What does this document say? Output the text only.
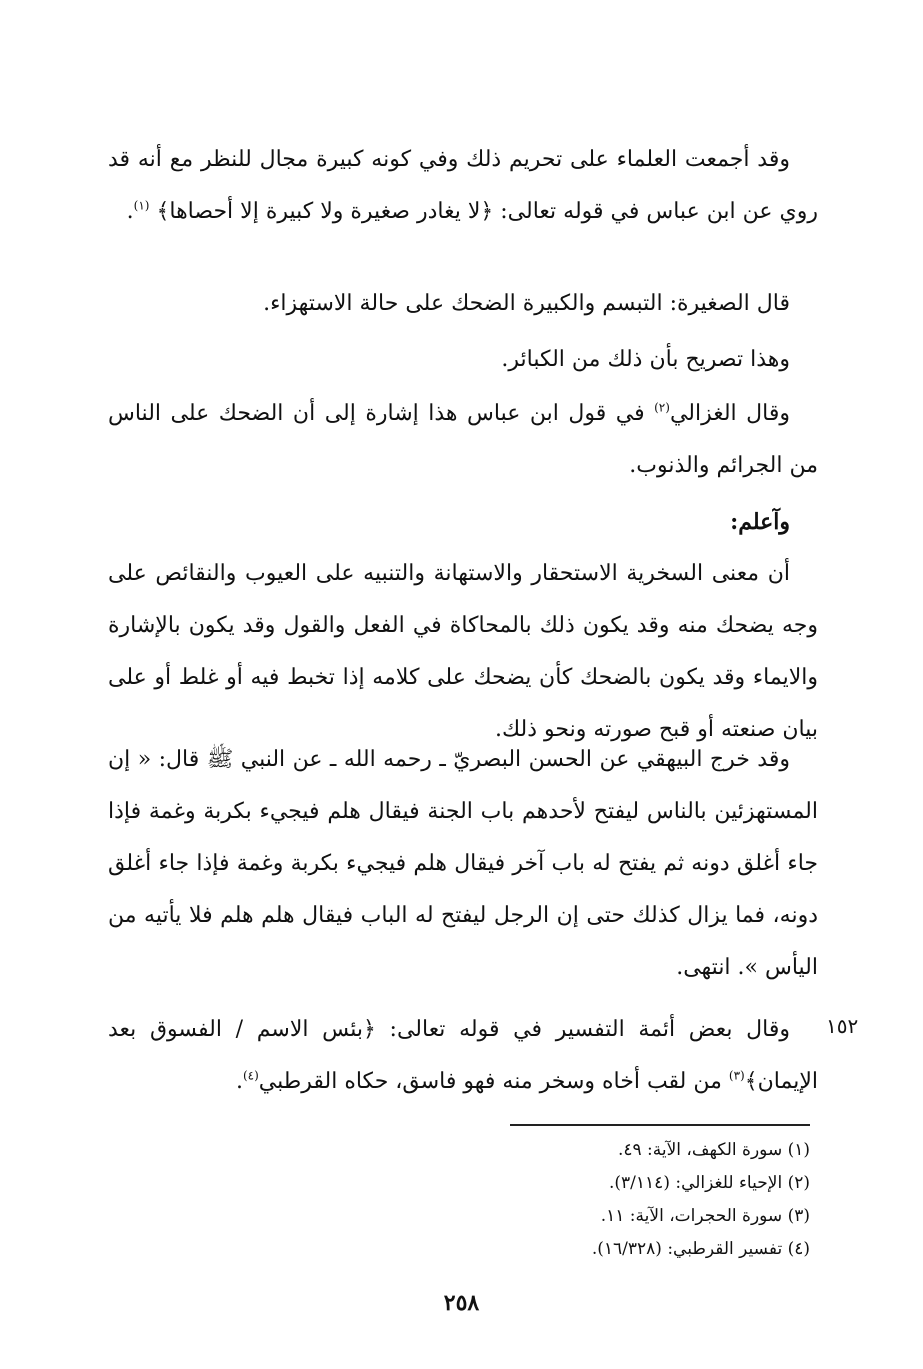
وقد أجمعت العلماء على تحريم ذلك وفي كونه كبيرة مجال للنظر مع أنه قد روي عن ابن عباس في قوله تعالى: ﴿لا يغادر صغيرة ولا كبيرة إلا أحصاها﴾ $^{(١)}$.
قال الصغيرة: التبسم والكبيرة الضحك على حالة الاستهزاء.
وهذا تصريح بأن ذلك من الكبائر.
وقال الغزالي$^{(٢)}$ في قول ابن عباس هذا إشارة إلى أن الضحك على الناس من الجرائم والذنوب.
وآعلم:
أن معنى السخرية الاستحقار والاستهانة والتنبيه على العيوب والنقائص على وجه يضحك منه وقد يكون ذلك بالمحاكاة في الفعل والقول وقد يكون بالإشارة والايماء وقد يكون بالضحك كأن يضحك على كلامه إذا تخبط فيه أو غلط أو على بيان صنعته أو قبح صورته ونحو ذلك.
وقد خرج البيهقي عن الحسن البصريّ ـ رحمه الله ـ عن النبي ﷺ قال: « إن المستهزئين بالناس ليفتح لأحدهم باب الجنة فيقال هلم فيجيء بكربة وغمة فإذا جاء أغلق دونه ثم يفتح له باب آخر فيقال هلم فيجيء بكربة وغمة فإذا جاء أغلق دونه، فما يزال كذلك حتى إن الرجل ليفتح له الباب فيقال هلم هلم فلا يأتيه من اليأس ». انتهى.
١٥٢
وقال بعض أئمة التفسير في قوله تعالى: ﴿بئس الاسم / الفسوق بعد الإيمان﴾$^{(٣)}$ من لقب أخاه وسخر منه فهو فاسق، حكاه القرطبي$^{(٤)}$.
(١) سورة الكهف، الآية: ٤٩.
(٢) الإحياء للغزالي: (٣/١١٤).
(٣) سورة الحجرات، الآية: ١١.
(٤) تفسير القرطبي: (١٦/٣٢٨).
٢٥٨
